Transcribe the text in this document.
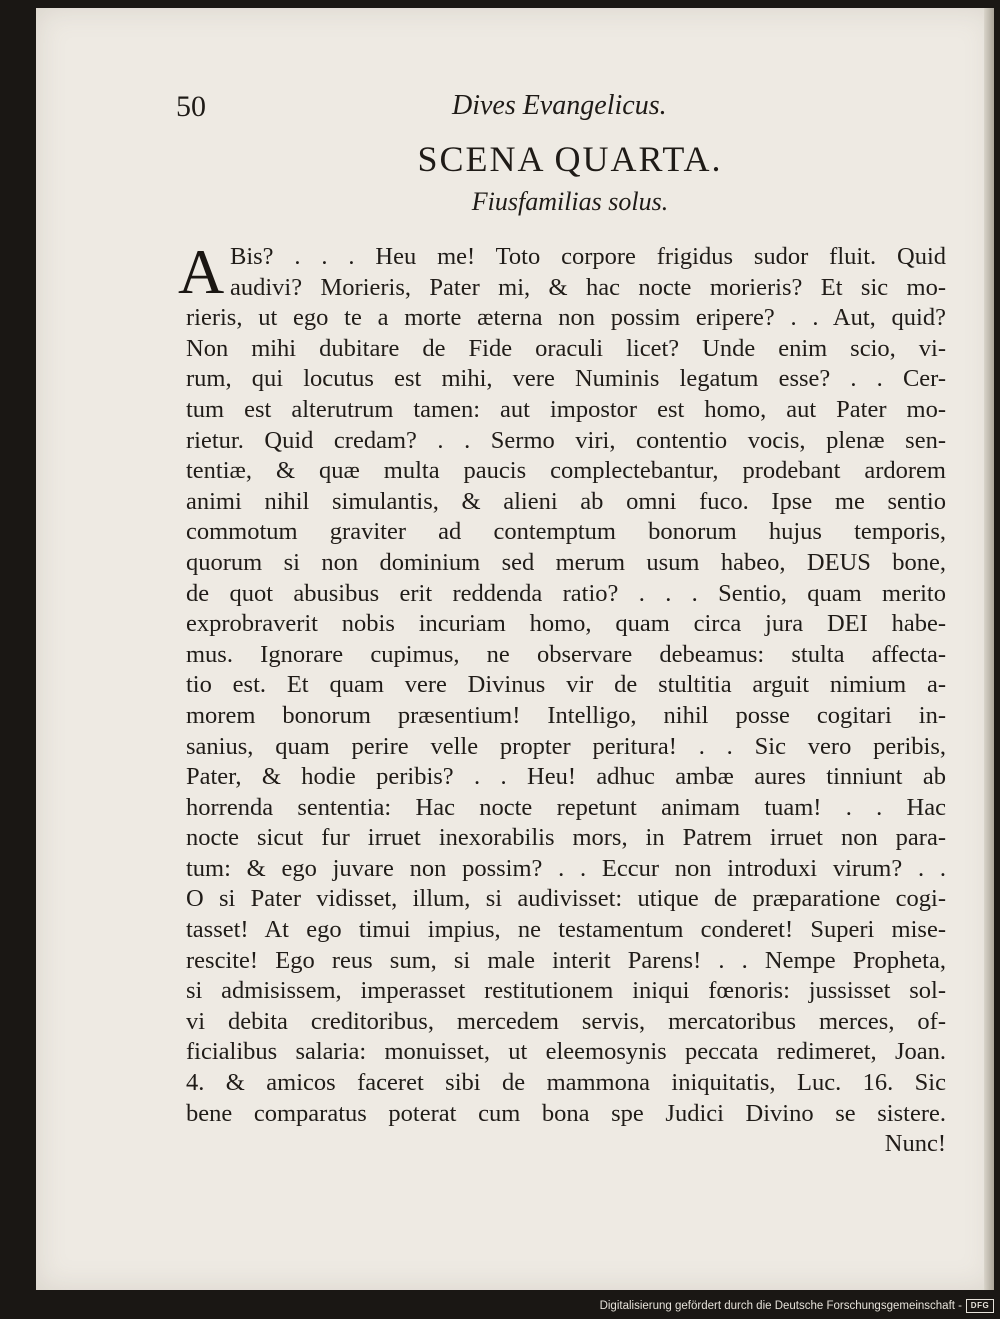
50	Dives Evangelicus.
SCENA QUARTA.
Fiusfamilias solus.
A Bis? . . . Heu me! Toto corpore frigidus sudor fluit. Quid
audivi? Morieris, Pater mi, & hac nocte morieris? Et sic mo-
rieris, ut ego te a morte æterna non possim eripere? . . Aut, quid?
Non mihi dubitare de Fide oraculi licet? Unde enim scio, vi-
rum, qui locutus est mihi, vere Numinis legatum esse? . . Cer-
tum est alterutrum tamen: aut impostor est homo, aut Pater mo-
rietur. Quid credam? . . Sermo viri, contentio vocis, plenæ sen-
tentiæ, & quæ multa paucis complectebantur, prodebant ardorem
animi nihil simulantis, & alieni ab omni fuco. Ipse me sentio
commotum graviter ad contemptum bonorum hujus temporis,
quorum si non dominium sed merum usum habeo, DEUS bone,
de quot abusibus erit reddenda ratio? . . . Sentio, quam merito
exprobraverit nobis incuriam homo, quam circa jura DEI habe-
mus. Ignorare cupimus, ne observare debeamus: stulta affecta-
tio est. Et quam vere Divinus vir de stultitia arguit nimium a-
morem bonorum præsentium! Intelligo, nihil posse cogitari in-
sanius, quam perire velle propter peritura! . . Sic vero peribis,
Pater, & hodie peribis? . . Heu! adhuc ambæ aures tinniunt ab
horrenda sententia: Hac nocte repetunt animam tuam! . . Hac
nocte sicut fur irruet inexorabilis mors, in Patrem irruet non para-
tum: & ego juvare non possim? . . Eccur non introduxi virum? . .
O si Pater vidisset, illum, si audivisset: utique de præparatione cogi-
tasset! At ego timui impius, ne testamentum conderet! Superi mise-
rescite! Ego reus sum, si male interit Parens! . . Nempe Propheta,
si admisissem, imperasset restitutionem iniqui fœnoris: jussisset sol-
vi debita creditoribus, mercedem servis, mercatoribus merces, of-
ficialibus salaria: monuisset, ut eleemosynis peccata redimeret, Joan.
4. & amicos faceret sibi de mammona iniquitatis, Luc. 16. Sic
bene comparatus poterat cum bona spe Judici Divino se sistere.
Nunc!
Digitalisierung gefördert durch die Deutsche Forschungsgemeinschaft -	DFG
